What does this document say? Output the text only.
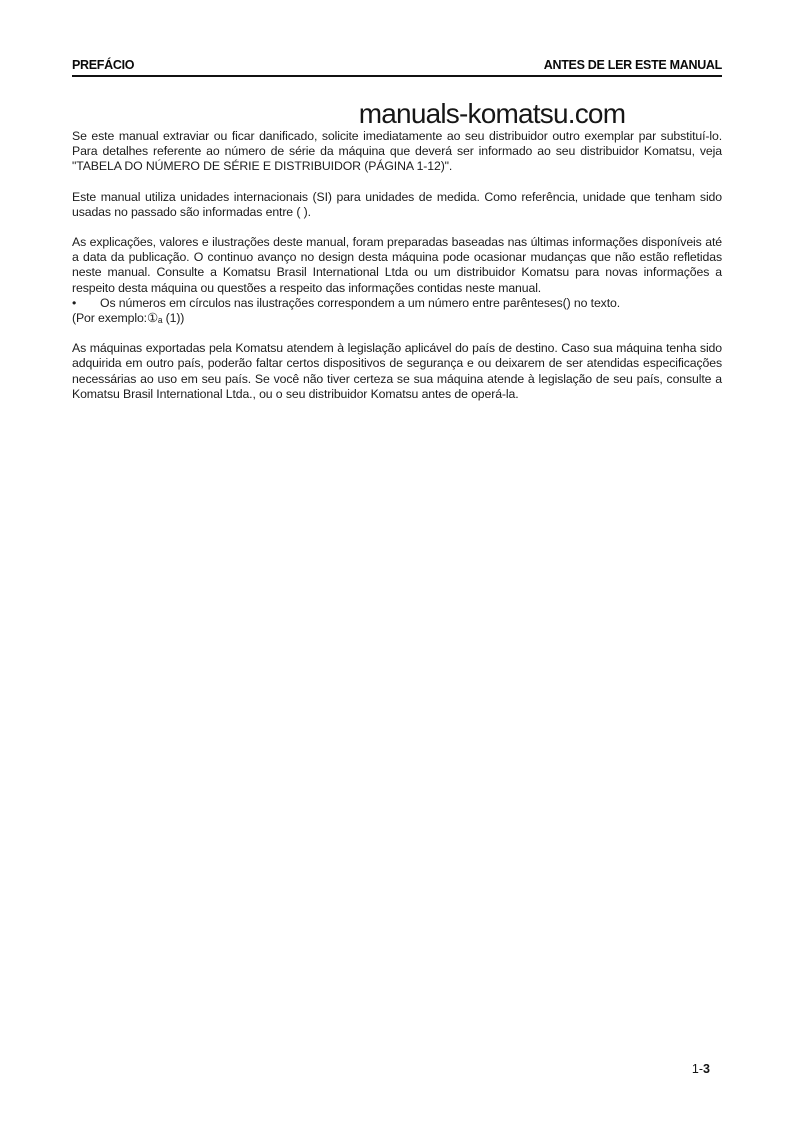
PREFÁCIO	ANTES DE LER ESTE MANUAL
manuals-komatsu.com

Se este manual extraviar ou ficar danificado, solicite imediatamente ao seu distribuidor outro exemplar par substituí-lo. Para detalhes referente ao número de série da máquina que deverá ser informado ao seu distribuidor Komatsu, veja "TABELA DO NÚMERO DE SÉRIE E DISTRIBUIDOR (PÁGINA 1-12)".

Este manual utiliza unidades internacionais (SI) para unidades de medida. Como referência, unidade que tenham sido usadas no passado são informadas entre ( ).

As explicações, valores e ilustrações deste manual, foram preparadas baseadas nas últimas informações disponíveis até a data da publicação. O continuo avanço no design desta máquina pode ocasionar mudanças que não estão refletidas neste manual. Consulte a Komatsu Brasil International Ltda ou um distribuidor Komatsu para novas informações a respeito desta máquina ou questões a respeito das informações contidas neste manual.

•	Os números em círculos nas ilustrações correspondem a um número entre parênteses() no texto.
(Por exemplo:①ₐ (1))

As máquinas exportadas pela Komatsu atendem à legislação aplicável do país de destino. Caso sua máquina tenha sido adquirida em outro país, poderão faltar certos dispositivos de segurança e ou deixarem de ser atendidas especificações necessárias ao uso em seu país. Se você não tiver certeza se sua máquina atende à legislação de seu país, consulte a Komatsu Brasil International Ltda., ou o seu distribuidor Komatsu antes de operá-la.

1-3
